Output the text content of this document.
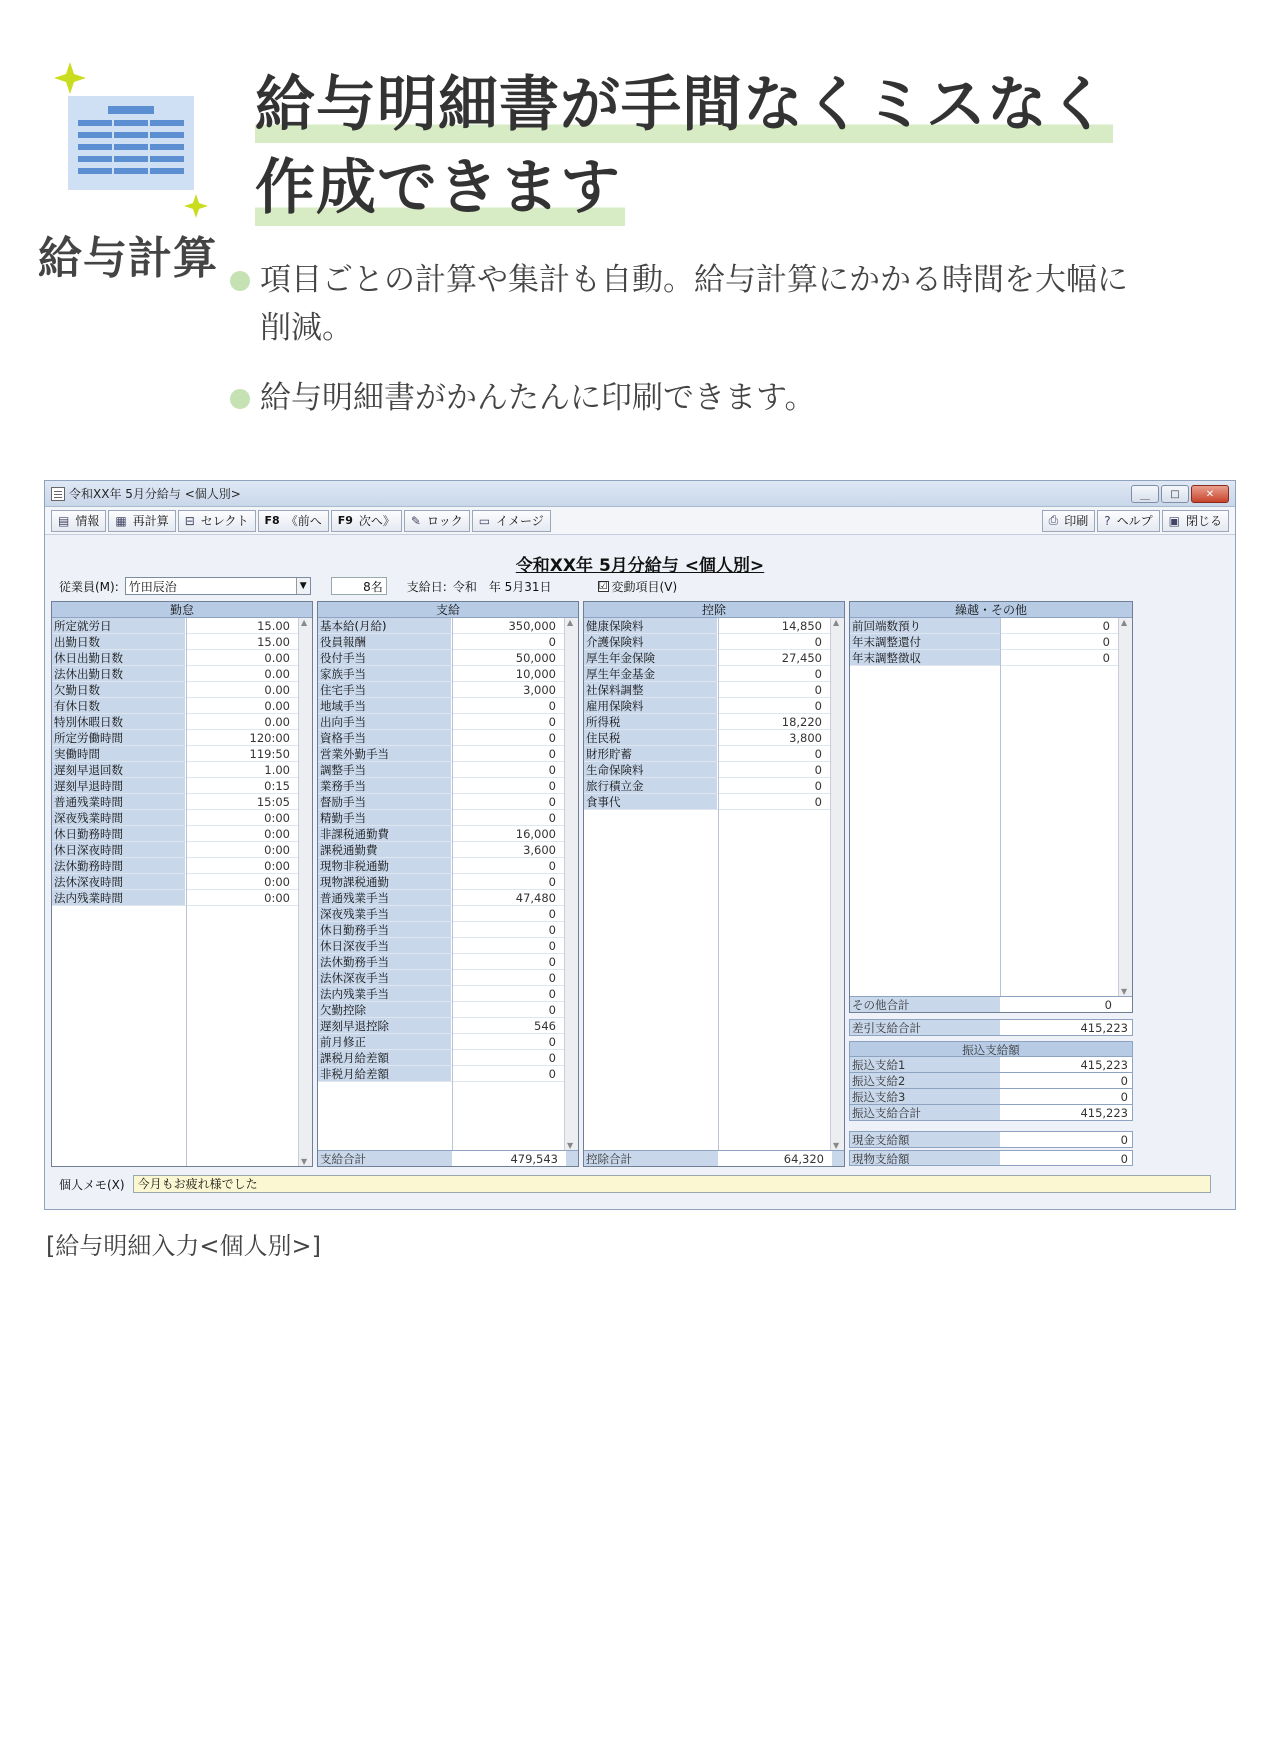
給与計算
給与明細書が手間なくミスなく
作成できます
項目ごとの計算や集計も自動。給与計算にかかる時間を大幅に削減。
給与明細書がかんたんに印刷できます。
令和XX年 5月分給与 <個人別>	＿	□	✕
▤ 情報 ▦ 再計算 ⊟ セレクト F8 《前へ F9 次へ》 ✎ ロック ▭ イメージ	⎙ 印刷 ? ヘルプ ▣ 閉じる
令和XX年 5月分給与 <個人別>
従業員(M): 竹田辰治	▼	8名	支給日: 令和　年 5月31日	☑ 変動項目(V)
勤怠
所定就労日	15.00
出勤日数	15.00
休日出勤日数	0.00
法休出勤日数	0.00
欠勤日数	0.00
有休日数	0.00
特別休暇日数	0.00
所定労働時間	120:00
実働時間	119:50
遅刻早退回数	1.00
遅刻早退時間	0:15
普通残業時間	15:05
深夜残業時間	0:00
休日勤務時間	0:00
休日深夜時間	0:00
法休勤務時間	0:00
法休深夜時間	0:00
法内残業時間	0:00
▲ ▼
支給
基本給(月給)	350,000
役員報酬	0
役付手当	50,000
家族手当	10,000
住宅手当	3,000
地域手当	0
出向手当	0
資格手当	0
営業外勤手当	0
調整手当	0
業務手当	0
督励手当	0
精勤手当	0
非課税通勤費	16,000
課税通勤費	3,600
現物非税通勤	0
現物課税通勤	0
普通残業手当	47,480
深夜残業手当	0
休日勤務手当	0
休日深夜手当	0
法休勤務手当	0
法休深夜手当	0
法内残業手当	0
欠勤控除	0
遅刻早退控除	546
前月修正	0
課税月給差額	0
非税月給差額	0
▲ ▼
支給合計	479,543
控除
健康保険料	14,850
介護保険料	0
厚生年金保険	27,450
厚生年金基金	0
社保料調整	0
雇用保険料	0
所得税	18,220
住民税	3,800
財形貯蓄	0
生命保険料	0
旅行積立金	0
食事代	0
▲ ▼
控除合計	64,320
繰越・その他
前回端数預り	0
年末調整還付	0
年末調整徴収	0
▲ ▼
その他合計	0
差引支給合計	415,223
振込支給額
振込支給1	415,223
振込支給2	0
振込支給3	0
振込支給合計	415,223
現金支給額	0
現物支給額	0
個人メモ(X)	今月もお疲れ様でした
[給与明細入力<個人別>]
